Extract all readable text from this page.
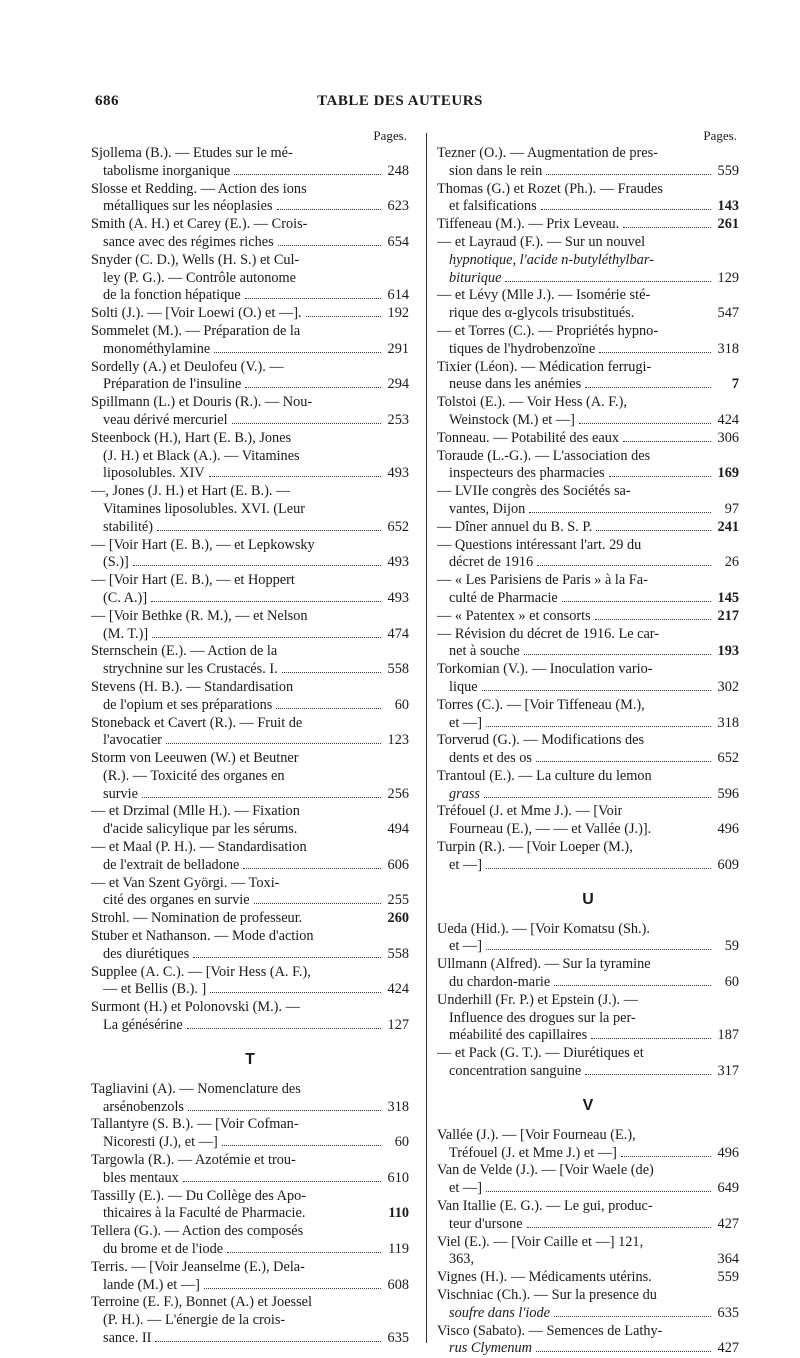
686	TABLE DES AUTEURS
Pages.
Sjollema (B.). — Etudes sur le mé-
tabolisme inorganique	248
Slosse et Redding. — Action des ions
métalliques sur les néoplasies	623
Smith (A. H.) et Carey (E.). — Crois-
sance avec des régimes riches	654
Snyder (C. D.), Wells (H. S.) et Cul-
ley (P. G.). — Contrôle autonome
de la fonction hépatique	614
Solti (J.). — [Voir Loewi (O.) et —].	192
Sommelet (M.). — Préparation de la
monométhylamine	291
Sordelly (A.) et Deulofeu (V.). —
Préparation de l'insuline	294
Spillmann (L.) et Douris (R.). — Nou-
veau dérivé mercuriel	253
Steenbock (H.), Hart (E. B.), Jones
(J. H.) et Black (A.). — Vitamines
liposolubles. XIV	493
—, Jones (J. H.) et Hart (E. B.). —
Vitamines liposolubles. XVI. (Leur
stabilité)	652
— [Voir Hart (E. B.), — et Lepkowsky
(S.)]	493
— [Voir Hart (E. B.), — et Hoppert
(C. A.)]	493
— [Voir Bethke (R. M.), — et Nelson
(M. T.)]	474
Sternschein (E.). — Action de la
strychnine sur les Crustacés. I.	558
Stevens (H. B.). — Standardisation
de l'opium et ses préparations	60
Stoneback et Cavert (R.). — Fruit de
l'avocatier	123
Storm von Leeuwen (W.) et Beutner
(R.). — Toxicité des organes en
survie	256
— et Drzimal (Mlle H.). — Fixation
d'acide salicylique par les sérums.	494
— et Maal (P. H.). — Standardisation
de l'extrait de belladone	606
— et Van Szent Györgi. — Toxi-
cité des organes en survie	255
Strohl. — Nomination de professeur.	260
Stuber et Nathanson. — Mode d'action
des diurétiques	558
Supplee (A. C.). — [Voir Hess (A. F.),
— et Bellis (B.). ]	424
Surmont (H.) et Polonovski (M.). —
La génésérine	127
T
Tagliavini (A). — Nomenclature des
arsénobenzols	318
Tallantyre (S. B.). — [Voir Cofman-
Nicoresti (J.), et —]	60
Targowla (R.). — Azotémie et trou-
bles mentaux	610
Tassilly (E.). — Du Collège des Apo-
thicaires à la Faculté de Pharmacie.	110
Tellera (G.). — Action des composés
du brome et de l'iode	119
Terris. — [Voir Jeanselme (E.), Dela-
lande (M.) et —]	608
Terroine (E. F.), Bonnet (A.) et Joessel
(P. H.). — L'énergie de la crois-
sance. II	635
Pages.
Tezner (O.). — Augmentation de pres-
sion dans le rein	559
Thomas (G.) et Rozet (Ph.). — Fraudes
et falsifications	143
Tiffeneau (M.). — Prix Leveau.	261
— et Layraud (F.). — Sur un nouvel
hypnotique, l'acide n-butyléthylbar-
biturique	129
— et Lévy (Mlle J.). — Isomérie sté-
rique des α-glycols trisubstitués.	547
— et Torres (C.). — Propriétés hypno-
tiques de l'hydrobenzoïne	318
Tixier (Léon). — Médication ferrugi-
neuse dans les anémies	7
Tolstoi (E.). — Voir Hess (A. F.),
Weinstock (M.) et —]	424
Tonneau. — Potabilité des eaux	306
Toraude (L.-G.). — L'association des
inspecteurs des pharmacies	169
— LVIIe congrès des Sociétés sa-
vantes, Dijon	97
— Dîner annuel du B. S. P.	241
— Questions intéressant l'art. 29 du
décret de 1916	26
— « Les Parisiens de Paris » à la Fa-
culté de Pharmacie	145
— « Patentex » et consorts	217
— Révision du décret de 1916. Le car-
net à souche	193
Torkomian (V.). — Inoculation vario-
lique	302
Torres (C.). — [Voir Tiffeneau (M.),
et —]	318
Torverud (G.). — Modifications des
dents et des os	652
Trantoul (E.). — La culture du lemon
grass	596
Tréfouel (J. et Mme J.). — [Voir
Fourneau (E.), — — et Vallée (J.)].	496
Turpin (R.). — [Voir Loeper (M.),
et —]	609
U
Ueda (Hid.). — [Voir Komatsu (Sh.).
et —]	59
Ullmann (Alfred). — Sur la tyramine
du chardon-marie	60
Underhill (Fr. P.) et Epstein (J.). —
Influence des drogues sur la per-
méabilité des capillaires	187
— et Pack (G. T.). — Diurétiques et
concentration sanguine	317
V
Vallée (J.). — [Voir Fourneau (E.),
Tréfouel (J. et Mme J.) et —]	496
Van de Velde (J.). — [Voir Waele (de)
et —]	649
Van Itallie (E. G.). — Le gui, produc-
teur d'ursone	427
Viel (E.). — [Voir Caille et —] 121,
363,	364
Vignes (H.). — Médicaments utérins.	559
Vischniac (Ch.). — Sur la presence du
soufre dans l'iode	635
Visco (Sabato). — Semences de Lathy-
rus Clymenum	427
